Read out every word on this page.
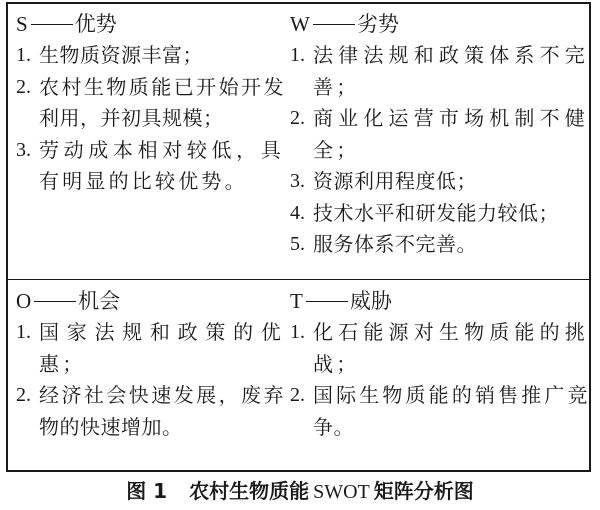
S 优势
1. 生物质资源丰富；
2. 农村生物质能已开始开发利用，并初具规模；
3. 劳动成本相对较低，具有明显的比较优势。
W 劣势
1. 法律法规和政策体系不完善；
2. 商业化运营市场机制不健全；
3. 资源利用程度低；
4. 技术水平和研发能力较低；
5. 服务体系不完善。
O 机会
1. 国家法规和政策的优惠；
2. 经济社会快速发展，废弃物的快速增加。
T 威胁
1. 化石能源对生物质能的挑战；
2. 国际生物质能的销售推广竞争。
图 1 农村生物质能 SWOT 矩阵分析图
